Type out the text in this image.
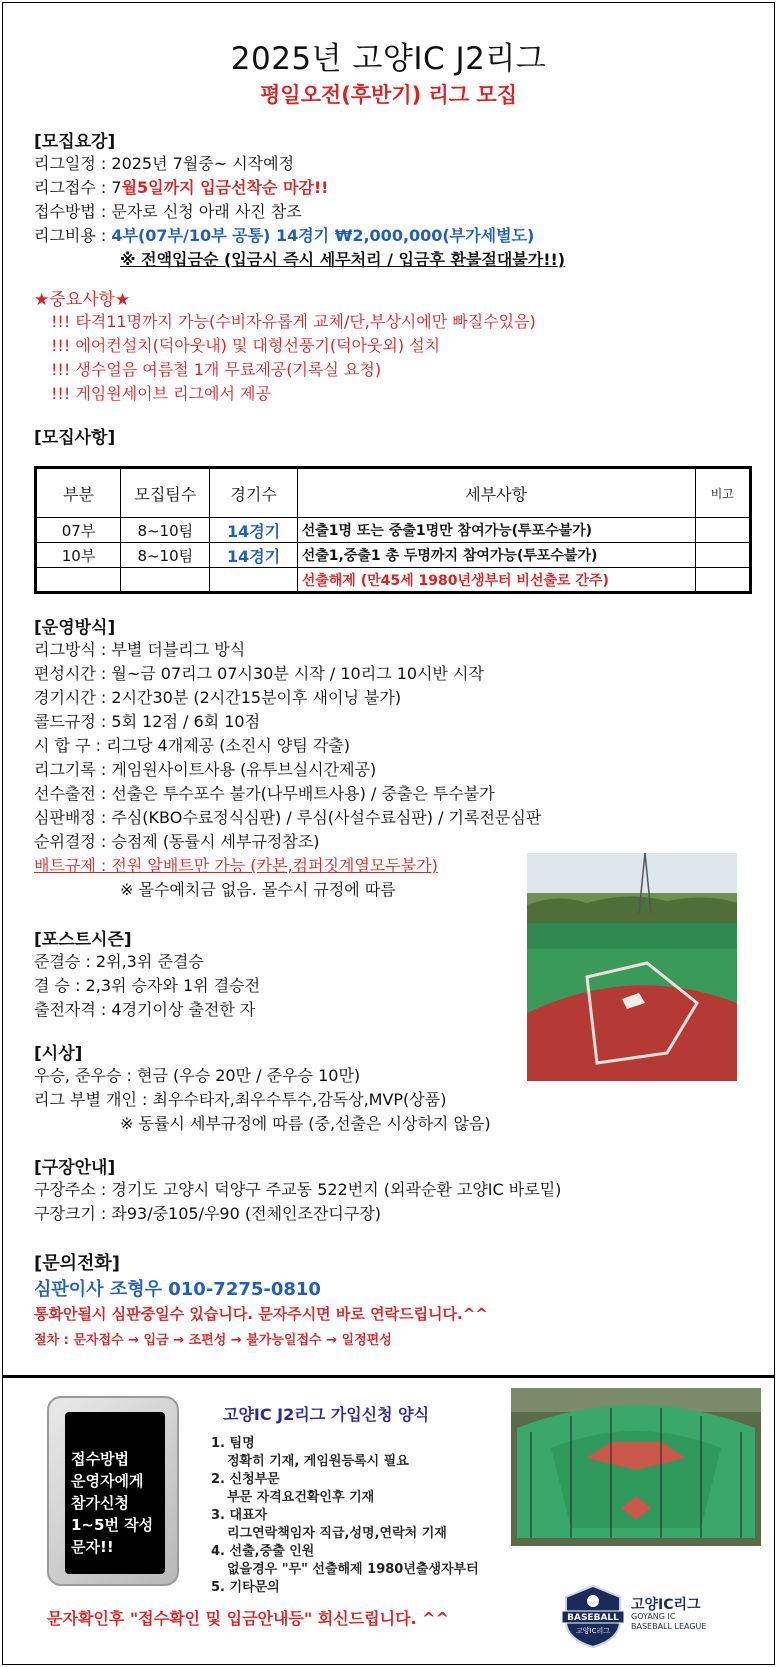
2025년 고양IC J2리그
평일오전(후반기) 리그 모집
[모집요강]
리그일정 : 2025년 7월중~ 시작예정
리그접수 : 7월5일까지 입금선착순 마감!!
접수방법 : 문자로 신청 아래 사진 참조
리그비용 : 4부(07부/10부 공통) 14경기 ₩2,000,000(부가세별도)
※ 전액입금순 (입금시 즉시 세무처리 / 입금후 환불절대불가!!)
★중요사항★
!!! 타격11명까지 가능(수비자유롭게 교체/단,부상시에만 빠질수있음)
!!! 에어컨설치(덕아웃내) 및 대형선풍기(덕아웃외) 설치
!!! 생수얼음 여름철 1개 무료제공(기록실 요청)
!!! 게임원세이브 리그에서 제공
[모집사항]
부분	모집팀수	경기수	세부사항	비고
07부	8~10팀	14경기	선출1명 또는 중출1명만 참여가능(투포수불가)	
10부	8~10팀	14경기	선출1,중출1 총 두명까지 참여가능(투포수불가)	
			선출해제 (만45세 1980년생부터 비선출로 간주)	
[운영방식]
리그방식 : 부별 더블리그 방식
편성시간 : 월~금 07리그 07시30분 시작 / 10리그 10시반 시작
경기시간 : 2시간30분 (2시간15분이후 새이닝 불가)
콜드규정 : 5회 12점 / 6회 10점
시 합 구 : 리그당 4개제공 (소진시 양팀 각출)
리그기록 : 게임원사이트사용 (유투브실시간제공)
선수출전 : 선출은 투수포수 불가(나무배트사용) / 중출은 투수불가
심판배정 : 주심(KBO수료정식심판) / 루심(사설수료심판) / 기록전문심판
순위결정 : 승점제 (동률시 세부규정참조)
배트규제 : 전원 알배트만 가능 (카본,컴퍼짓계열모두불가)
※ 몰수예치금 없음. 몰수시 규정에 따름
[포스트시즌]
준결승 : 2위,3위 준결승
결 승 : 2,3위 승자와 1위 결승전
출전자격 : 4경기이상 출전한 자
[시상]
우승, 준우승 : 현금 (우승 20만 / 준우승 10만)
리그 부별 개인 : 최우수타자,최우수투수,감독상,MVP(상품)
※ 동률시 세부규정에 따름 (중,선출은 시상하지 않음)
[구장안내]
구장주소 : 경기도 고양시 덕양구 주교동 522번지 (외곽순환 고양IC 바로밑)
구장크기 : 좌93/중105/우90 (전체인조잔디구장)
[문의전화]
심판이사 조형우 010-7275-0810
통화안될시 심판중일수 있습니다. 문자주시면 바로 연락드립니다.^^
절차 : 문자접수 → 입금 → 조편성 → 불가능일접수 → 일정편성
접수방법
운영자에게
참가신청
1~5번 작성
문자!!
고양IC J2리그 가입신청 양식
1. 팀명
정확히 기재, 게임원등록시 필요
2. 신청부문
부문 자격요건확인후 기재
3. 대표자
리그연락책임자 직급,성명,연락처 기재
4. 선출,중출 인원
없을경우 "무" 선출해제 1980년출생자부터
5. 기타문의
문자확인후 "접수확인 및 입금안내등" 회신드립니다. ^^	BASEBALL
고양IC리그
고양IC리그
GOYANG IC
BASEBALL LEAGUE
